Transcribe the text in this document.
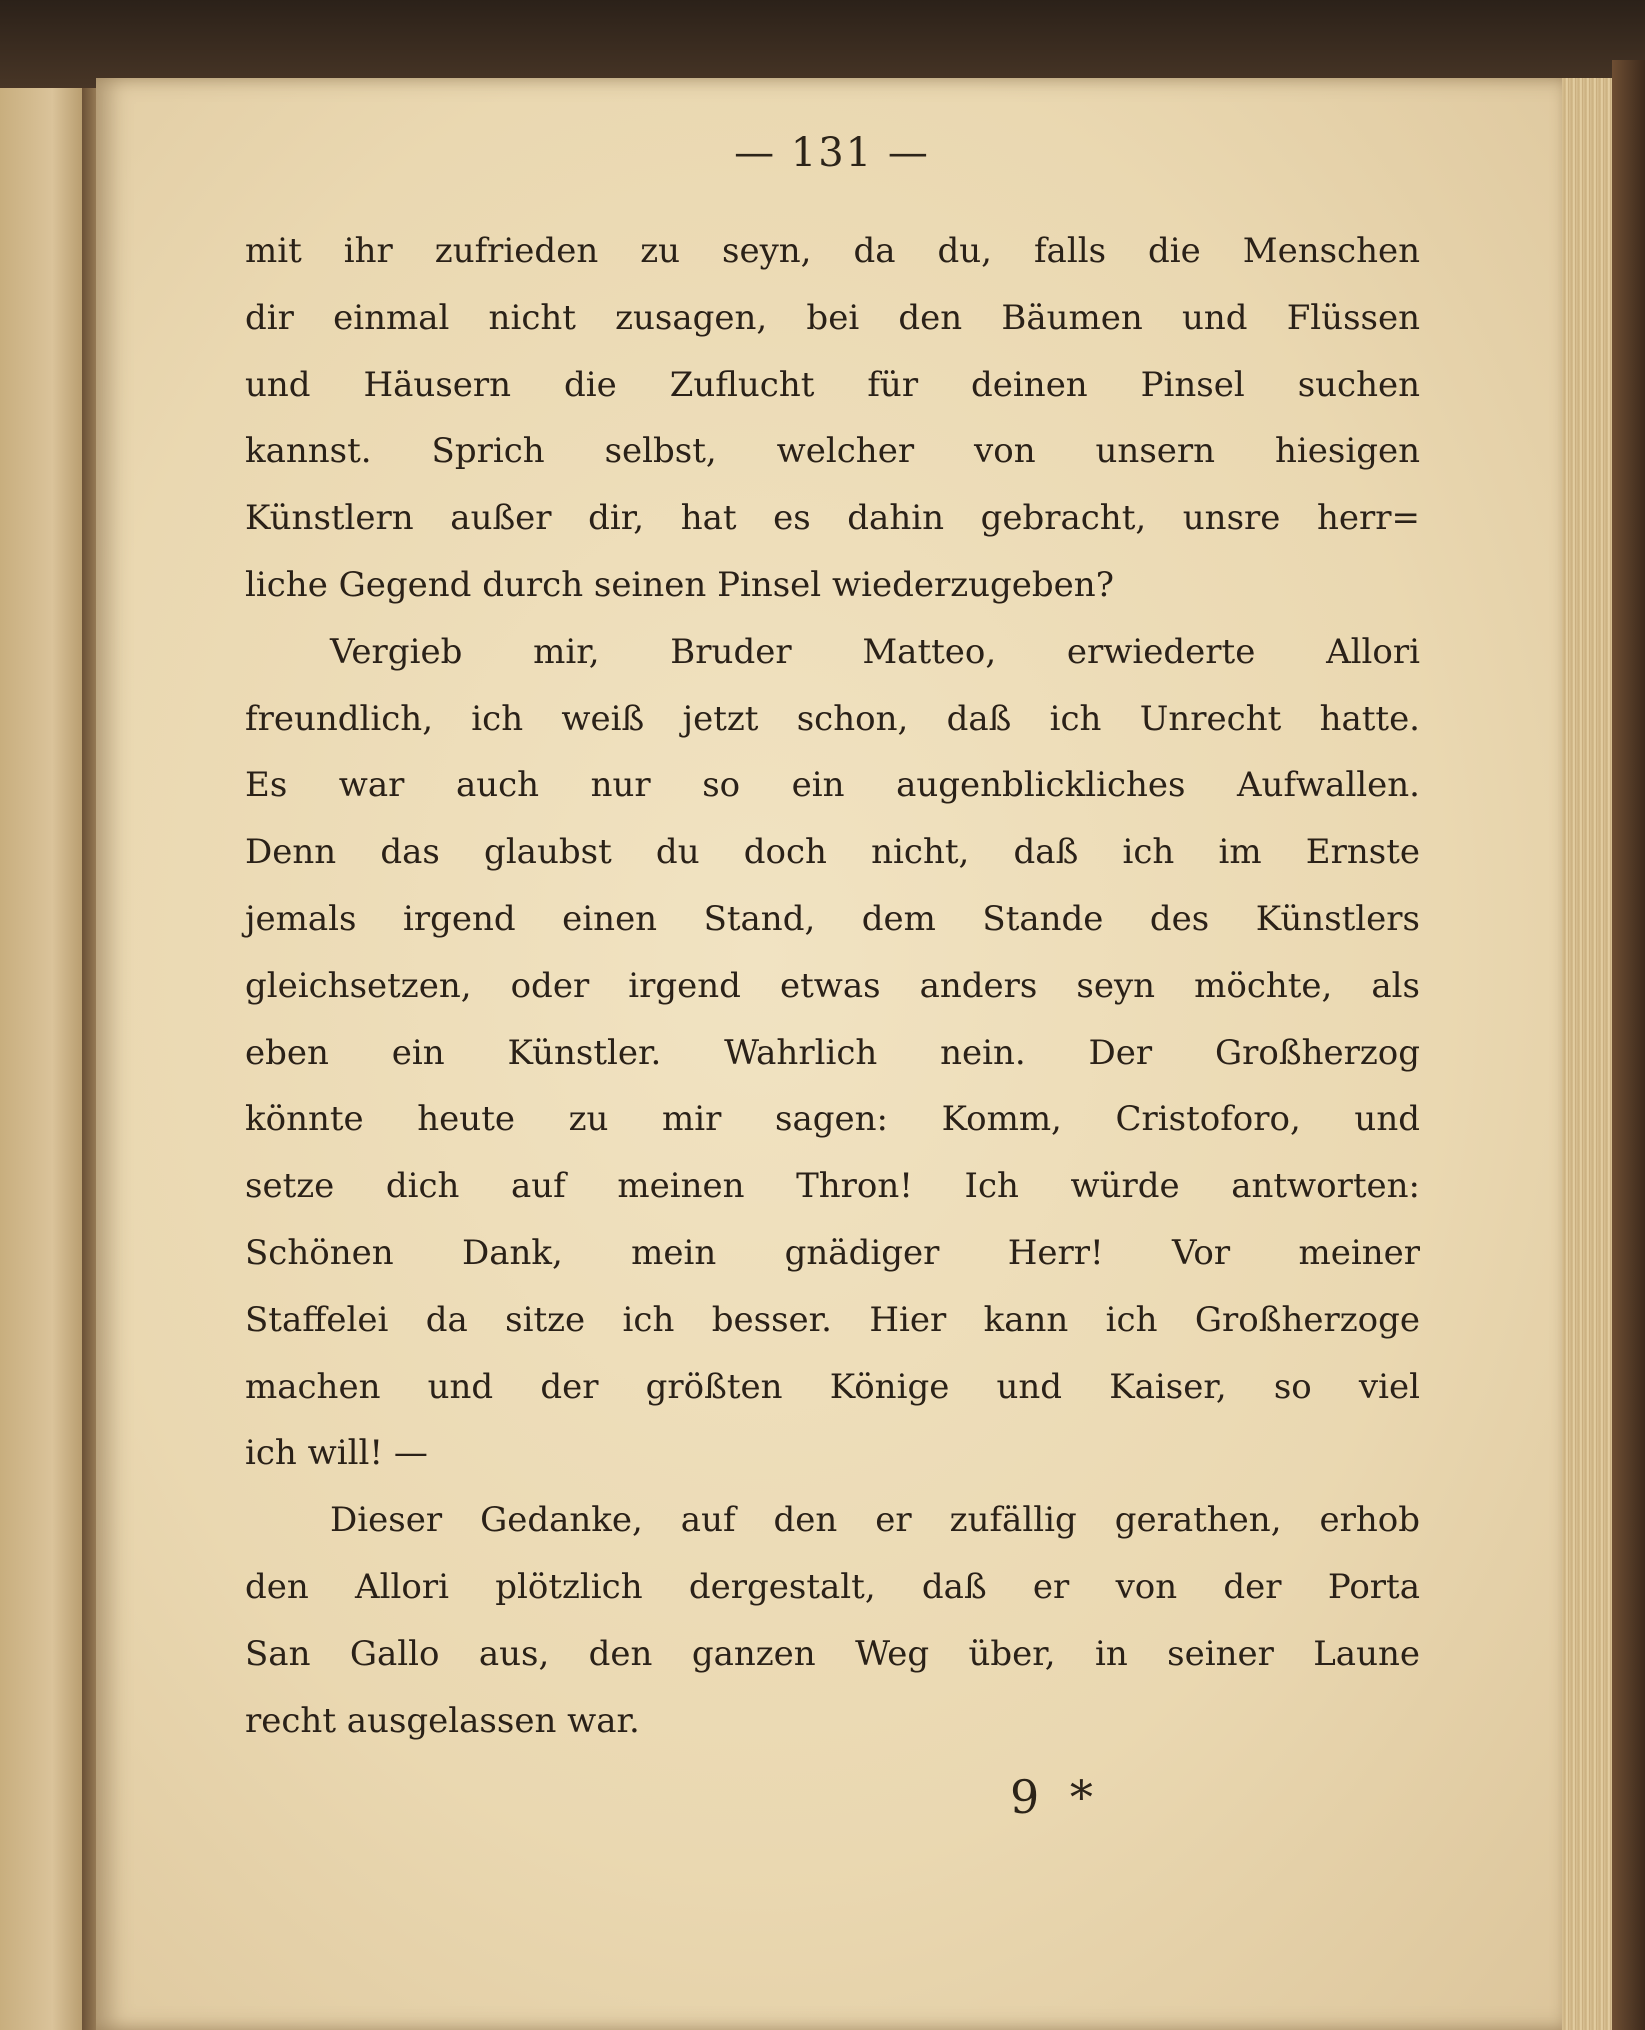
— 131 —
mit ihr zufrieden zu seyn, da du, falls die Menschen
dir einmal nicht zusagen, bei den Bäumen und Flüssen
und Häusern die Zuflucht für deinen Pinsel suchen
kannst. Sprich selbst, welcher von unsern hiesigen
Künstlern außer dir, hat es dahin gebracht, unsre herr=
liche Gegend durch seinen Pinsel wiederzugeben?
Vergieb mir, Bruder Matteo, erwiederte Allori
freundlich, ich weiß jetzt schon, daß ich Unrecht hatte.
Es war auch nur so ein augenblickliches Aufwallen.
Denn das glaubst du doch nicht, daß ich im Ernste
jemals irgend einen Stand, dem Stande des Künstlers
gleichsetzen, oder irgend etwas anders seyn möchte, als
eben ein Künstler. Wahrlich nein. Der Großherzog
könnte heute zu mir sagen: Komm, Cristoforo, und
setze dich auf meinen Thron! Ich würde antworten:
Schönen Dank, mein gnädiger Herr! Vor meiner
Staffelei da sitze ich besser. Hier kann ich Großherzoge
machen und der größten Könige und Kaiser, so viel
ich will! —
Dieser Gedanke, auf den er zufällig gerathen, erhob
den Allori plötzlich dergestalt, daß er von der Porta
San Gallo aus, den ganzen Weg über, in seiner Laune
recht ausgelassen war.
9 *
